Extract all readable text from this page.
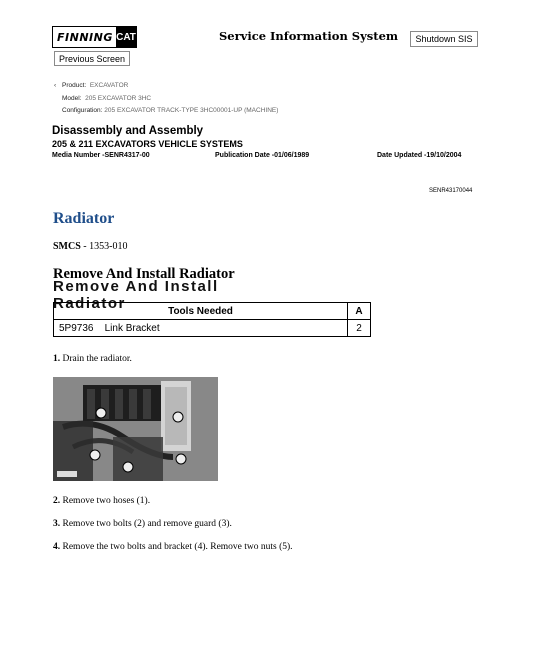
FINNING CAT	Service Information System	Shutdown SIS
Previous Screen
‹ Product: EXCAVATOR
Model: 205 EXCAVATOR 3HC
Configuration: 205 EXCAVATOR TRACK-TYPE 3HC00001-UP (MACHINE)
Disassembly and Assembly
205 & 211 EXCAVATORS VEHICLE SYSTEMS
Media Number -SENR4317-00	Publication Date -01/06/1989	Date Updated -19/10/2004
SENR43170044
Radiator
SMCS - 1353-010
Remove And Install Radiator
Remove And Install Radiator	Tools Needed	A
5P9736 Link Bracket	2
1. Drain the radiator.
2. Remove two hoses (1).
3. Remove two bolts (2) and remove guard (3).
4. Remove the two bolts and bracket (4). Remove two nuts (5).
